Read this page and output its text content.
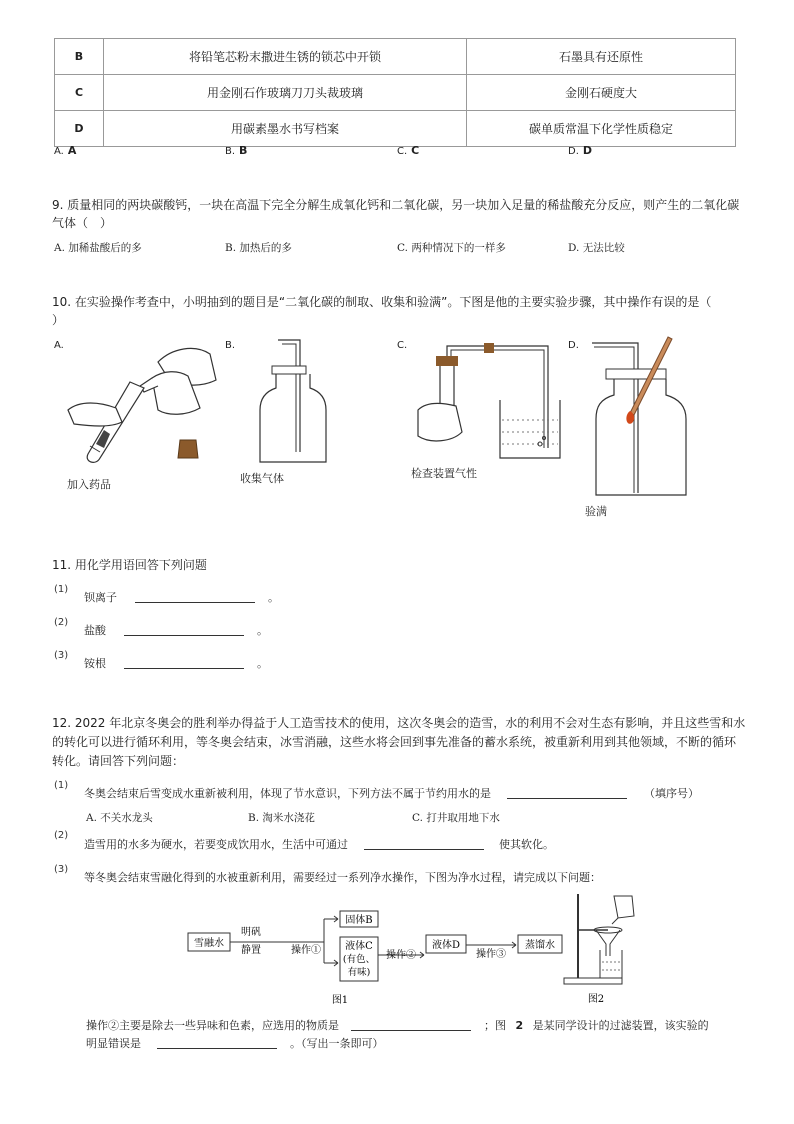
B	将铅笔芯粉末撒进生锈的锁芯中开锁	石墨具有还原性
C	用金刚石作玻璃刀刀头裁玻璃	金刚石硬度大
D	用碳素墨水书写档案	碳单质常温下化学性质稳定
A. A	B. B	C. C	D. D
9. 质量相同的两块碳酸钙，一块在高温下完全分解生成氧化钙和二氧化碳，另一块加入足量的稀盐酸充分反应，则产生的二氧化碳
气体（　）
A. 加稀盐酸后的多	B. 加热后的多	C. 两种情况下的一样多	D. 无法比较
10. 在实验操作考查中，小明抽到的题目是“二氧化碳的制取、收集和验满”。下图是他的主要实验步骤，其中操作有误的是（
）
A.	B.	C.	D.
加入药品	收集气体	检查装置气性
验满
11. 用化学用语回答下列问题
(1)
钡离子	。
(2)
盐酸	。
(3)
铵根	。
12. 2022 年北京冬奥会的胜利举办得益于人工造雪技术的使用，这次冬奥会的造雪，水的利用不会对生态有影响，并且这些雪和水
的转化可以进行循环利用，等冬奥会结束，冰雪消融，这些水将会回到事先准备的蓄水系统，被重新利用到其他领域，不断的循环
转化。请回答下列问题：
(1)
冬奥会结束后雪变成水重新被利用，体现了节水意识，下列方法不属于节约用水的是	（填序号）
A. 不关水龙头	B. 淘米水浇花	C. 打井取用地下水
(2)
造雪用的水多为硬水，若要变成饮用水，生活中可通过	使其软化。
(3)
等冬奥会结束雪融化得到的水被重新利用，需要经过一系列净水操作，下图为净水过程，请完成以下问题：
雪融水
明矾
静置	操作①
固体B
液体C
(有色、
有味)
操作②
液体D
操作③
蒸馏水
图1	图2
操作②主要是除去一些异味和色素，应选用的物质是	；图 2 是某同学设计的过滤装置，该实验的
明显错误是	。（写出一条即可）
